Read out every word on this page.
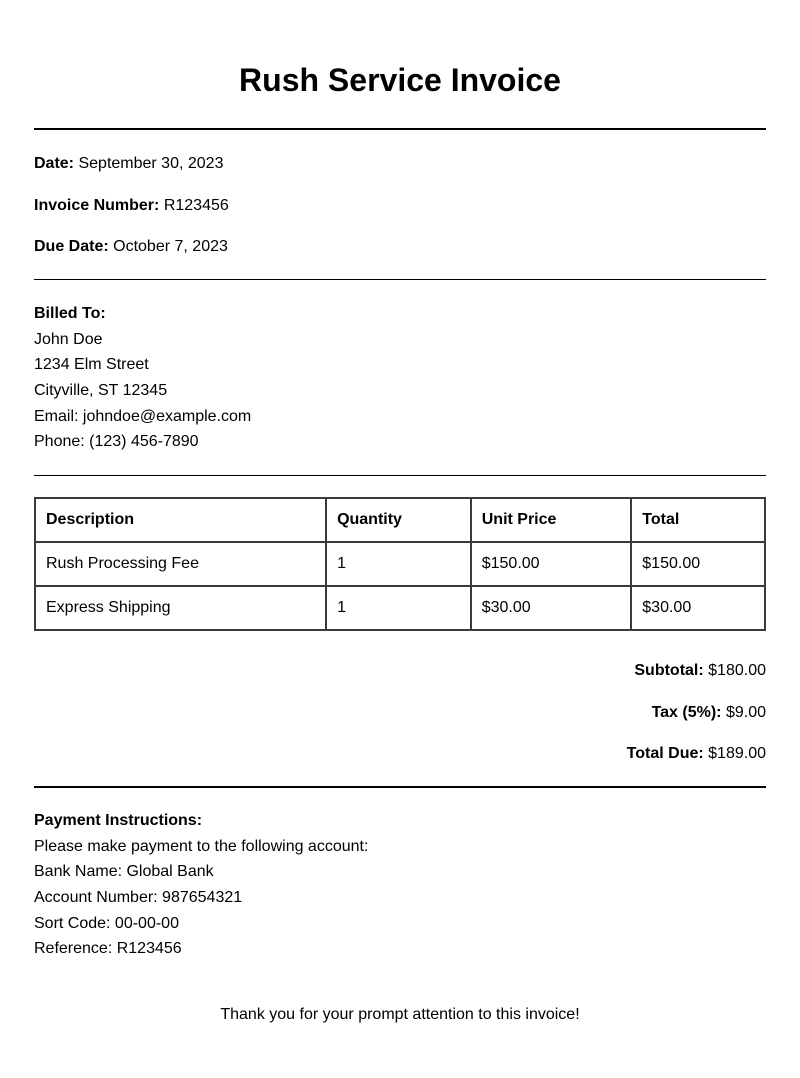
Rush Service Invoice
Date: September 30, 2023
Invoice Number: R123456
Due Date: October 7, 2023
Billed To:
John Doe
1234 Elm Street
Cityville, ST 12345
Email: johndoe@example.com
Phone: (123) 456-7890
Description	Quantity	Unit Price	Total
Rush Processing Fee	1	$150.00	$150.00
Express Shipping	1	$30.00	$30.00
Subtotal: $180.00
Tax (5%): $9.00
Total Due: $189.00
Payment Instructions:
Please make payment to the following account:
Bank Name: Global Bank
Account Number: 987654321
Sort Code: 00-00-00
Reference: R123456
Thank you for your prompt attention to this invoice!
